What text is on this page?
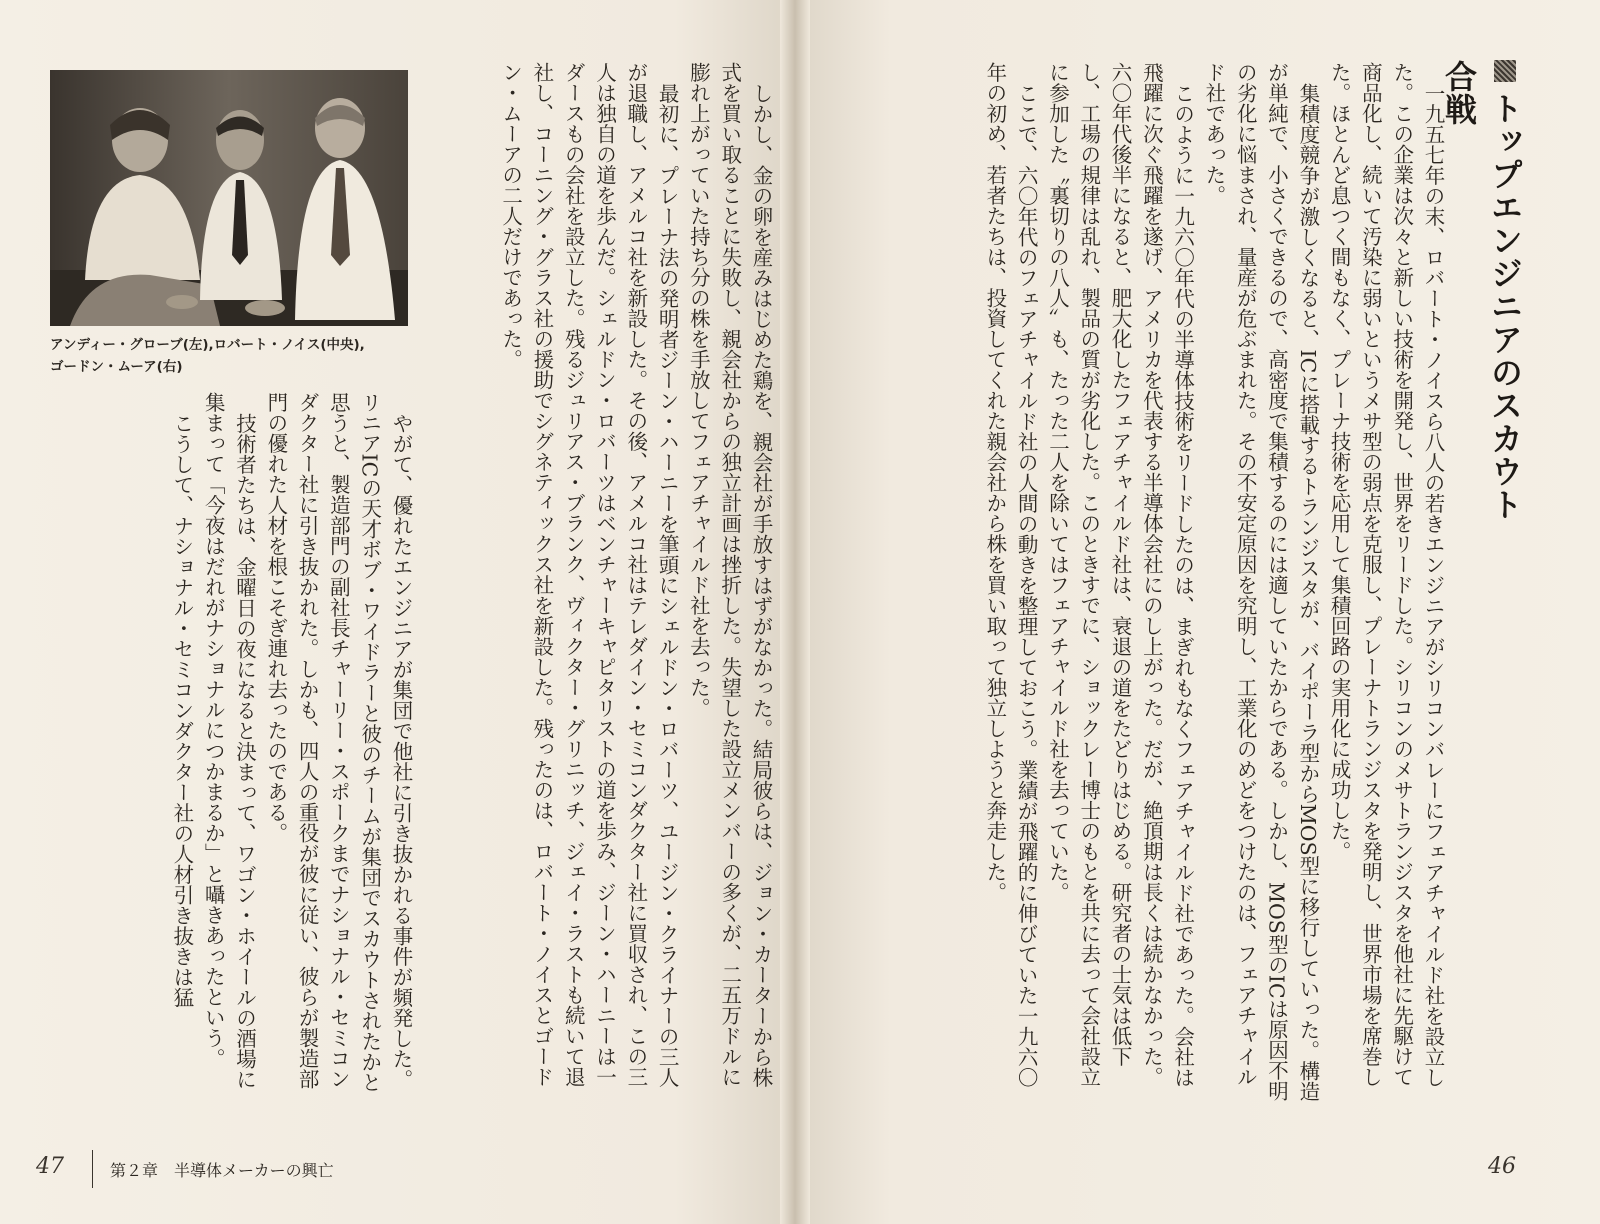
トップエンジニアのスカウト合戦

一九五七年の末、ロバート・ノイスら八人の若きエンジニアがシリコンバレーにフェアチャイルド社を設立した。この企業は次々と新しい技術を開発し、世界をリードした。シリコンのメサトランジスタを他社に先駆けて商品化し、続いて汚染に弱いというメサ型の弱点を克服し、プレーナトランジスタを発明し、世界市場を席巻した。ほとんど息つく間もなく、プレーナ技術を応用して集積回路の実用化に成功した。

集積度競争が激しくなると、ICに搭載するトランジスタが、バイポーラ型からMOS型に移行していった。構造が単純で、小さくできるので、高密度で集積するのには適していたからである。しかし、MOS型のICは原因不明の劣化に悩まされ、量産が危ぶまれた。その不安定原因を究明し、工業化のめどをつけたのは、フェアチャイルド社であった。

このように一九六〇年代の半導体技術をリードしたのは、まぎれもなくフェアチャイルド社であった。会社は飛躍に次ぐ飛躍を遂げ、アメリカを代表する半導体会社にのし上がった。だが、絶頂期は長くは続かなかった。六〇年代後半になると、肥大化したフェアチャイルド社は、衰退の道をたどりはじめる。研究者の士気は低下し、工場の規律は乱れ、製品の質が劣化した。このときすでに、ショックレー博士のもとを共に去って会社設立に参加した〝裏切りの八人〟も、たった二人を除いてはフェアチャイルド社を去っていた。

ここで、六〇年代のフェアチャイルド社の人間の動きを整理しておこう。業績が飛躍的に伸びていた一九六〇年の初め、若者たちは、投資してくれた親会社から株を買い取って独立しようと奔走した。

46
アンディー・グローブ(左),ロバート・ノイス(中央),
ゴードン・ムーア(右)	しかし、金の卵を産みはじめた鶏を、親会社が手放すはずがなかった。結局彼らは、ジョン・カーターから株式を買い取ることに失敗し、親会社からの独立計画は挫折した。失望した設立メンバーの多くが、二五万ドルに膨れ上がっていた持ち分の株を手放してフェアチャイルド社を去った。

最初に、プレーナ法の発明者ジーン・ハーニーを筆頭にシェルドン・ロバーツ、ユージン・クライナーの三人が退職し、アメルコ社を新設した。その後、アメルコ社はテレダイン・セミコンダクター社に買収され、この三人は独自の道を歩んだ。シェルドン・ロバーツはベンチャーキャピタリストの道を歩み、ジーン・ハーニーは一ダースもの会社を設立した。残るジュリアス・ブランク、ヴィクター・グリニッチ、ジェイ・ラストも続いて退社し、コーニング・グラス社の援助でシグネティックス社を新設した。残ったのは、ロバート・ノイスとゴードン・ムーアの二人だけであった。

やがて、優れたエンジニアが集団で他社に引き抜かれる事件が頻発した。リニアICの天才ボブ・ワイドラーと彼のチームが集団でスカウトされたかと思うと、製造部門の副社長チャーリー・スポークまでナショナル・セミコンダクター社に引き抜かれた。しかも、四人の重役が彼に従い、彼らが製造部門の優れた人材を根こそぎ連れ去ったのである。

技術者たちは、金曜日の夜になると決まって、ワゴン・ホイールの酒場に集まって「今夜はだれがナショナルにつかまるか」と囁きあったという。

こうして、ナショナル・セミコンダクター社の人材引き抜きは猛

47	第２章　半導体メーカーの興亡
